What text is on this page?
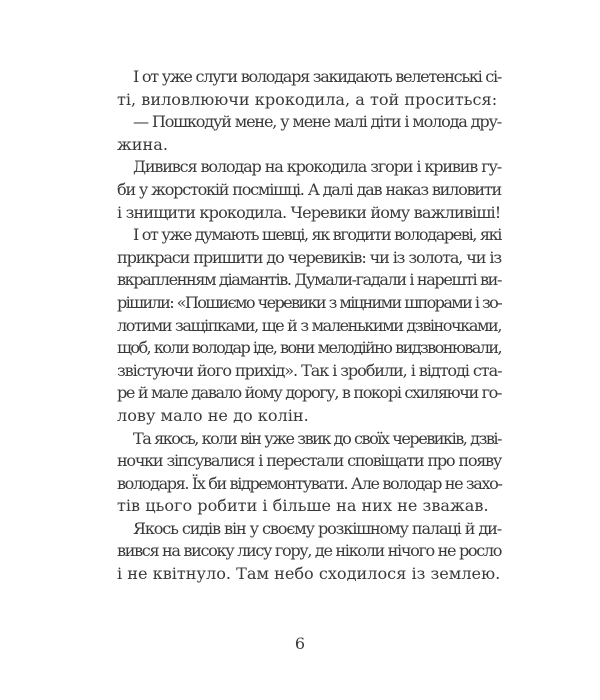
І от уже слуги володаря закидають велетенські сі-
ті, виловлюючи крокодила, а той проситься:
— Пошкодуй мене, у мене малі діти і молода дру-
жина.
Дивився володар на крокодила згори і кривив гу-
би у жорстокій посмішці. А далі дав наказ виловити
і знищити крокодила. Черевики йому важливіші!
І от уже думають шевці, як вгодити володареві, які
прикраси пришити до черевиків: чи із золота, чи із
вкрапленням діамантів. Думали-гадали і нарешті ви-
рішили: «Пошиємо черевики з міцними шпорами і зо-
лотими защіпками, ще й з маленькими дзвіночками,
щоб, коли володар іде, вони мелодійно видзвонювали,
звістуючи його прихід». Так і зробили, і відтоді ста-
ре й мале давало йому дорогу, в покорі схиляючи го-
лову мало не до колін.
Та якось, коли він уже звик до своїх черевиків, дзві-
ночки зіпсувалися і перестали сповіщати про появу
володаря. Їх би відремонтувати. Але володар не захо-
тів цього робити і більше на них не зважав.
Якось сидів він у своєму розкішному палаці й ди-
вився на високу лису гору, де ніколи нічого не росло
і не квітнуло. Там небо сходилося із землею.
6
